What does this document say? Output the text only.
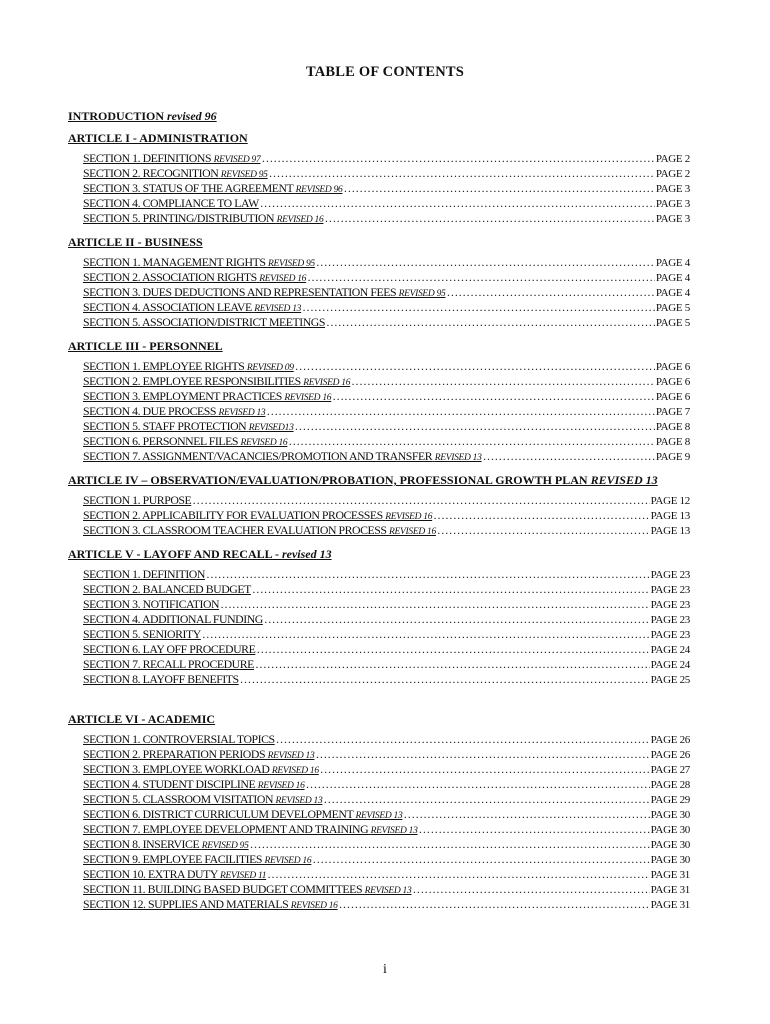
TABLE OF CONTENTS
INTRODUCTION revised 96
ARTICLE I - ADMINISTRATION
SECTION 1. DEFINITIONS REVISED 97 ………………………………………………………………………………………………………………………………………………………………………………………………	PAGE 2
SECTION 2. RECOGNITION REVISED 95 ………………………………………………………………………………………………………………………………………………………………………………………………	PAGE 2
SECTION 3. STATUS OF THE AGREEMENT REVISED 96 ………………………………………………………………………………………………………………………………………………………………………………………………	PAGE 3
SECTION 4. COMPLIANCE TO LAW ………………………………………………………………………………………………………………………………………………………………………………………………	PAGE 3
SECTION 5. PRINTING/DISTRIBUTION REVISED 16 ………………………………………………………………………………………………………………………………………………………………………………………………	PAGE 3
ARTICLE II - BUSINESS
SECTION 1. MANAGEMENT RIGHTS REVISED 95 ………………………………………………………………………………………………………………………………………………………………………………………………	PAGE 4
SECTION 2. ASSOCIATION RIGHTS REVISED 16 ………………………………………………………………………………………………………………………………………………………………………………………………	PAGE 4
SECTION 3. DUES DEDUCTIONS AND REPRESENTATION FEES REVISED 95 ………………………………………………………………………………………………………………………………………………………………………………………………	PAGE 4
SECTION 4. ASSOCIATION LEAVE REVISED 13 ………………………………………………………………………………………………………………………………………………………………………………………………	PAGE 5
SECTION 5. ASSOCIATION/DISTRICT MEETINGS ………………………………………………………………………………………………………………………………………………………………………………………………	PAGE 5
ARTICLE III - PERSONNEL
SECTION 1. EMPLOYEE RIGHTS REVISED 09 ………………………………………………………………………………………………………………………………………………………………………………………………	PAGE 6
SECTION 2. EMPLOYEE RESPONSIBILITIES REVISED 16 ………………………………………………………………………………………………………………………………………………………………………………………………	PAGE 6
SECTION 3. EMPLOYMENT PRACTICES REVISED 16 ………………………………………………………………………………………………………………………………………………………………………………………………	PAGE 6
SECTION 4. DUE PROCESS REVISED 13 ………………………………………………………………………………………………………………………………………………………………………………………………	PAGE 7
SECTION 5. STAFF PROTECTION REVISED13 ………………………………………………………………………………………………………………………………………………………………………………………………	PAGE 8
SECTION 6. PERSONNEL FILES REVISED 16 ………………………………………………………………………………………………………………………………………………………………………………………………	PAGE 8
SECTION 7. ASSIGNMENT/VACANCIES/PROMOTION AND TRANSFER REVISED 13 ………………………………………………………………………………………………………………………………………………………………………………………………	PAGE 9
ARTICLE IV – OBSERVATION/EVALUATION/PROBATION, PROFESSIONAL GROWTH PLAN REVISED 13
SECTION 1. PURPOSE ………………………………………………………………………………………………………………………………………………………………………………………………	PAGE 12
SECTION 2. APPLICABILITY FOR EVALUATION PROCESSES REVISED 16 ………………………………………………………………………………………………………………………………………………………………………………………………	PAGE 13
SECTION 3. CLASSROOM TEACHER EVALUATION PROCESS REVISED 16 ………………………………………………………………………………………………………………………………………………………………………………………………	PAGE 13
ARTICLE V - LAYOFF AND RECALL - revised 13
SECTION 1. DEFINITION ………………………………………………………………………………………………………………………………………………………………………………………………	PAGE 23
SECTION 2. BALANCED BUDGET ………………………………………………………………………………………………………………………………………………………………………………………………	PAGE 23
SECTION 3. NOTIFICATION ………………………………………………………………………………………………………………………………………………………………………………………………	PAGE 23
SECTION 4. ADDITIONAL FUNDING ………………………………………………………………………………………………………………………………………………………………………………………………	PAGE 23
SECTION 5. SENIORITY ………………………………………………………………………………………………………………………………………………………………………………………………	PAGE 23
SECTION 6. LAY OFF PROCEDURE ………………………………………………………………………………………………………………………………………………………………………………………………	PAGE 24
SECTION 7. RECALL PROCEDURE ………………………………………………………………………………………………………………………………………………………………………………………………	PAGE 24
SECTION 8. LAYOFF BENEFITS ………………………………………………………………………………………………………………………………………………………………………………………………	PAGE 25
ARTICLE VI - ACADEMIC
SECTION 1. CONTROVERSIAL TOPICS ………………………………………………………………………………………………………………………………………………………………………………………………	PAGE 26
SECTION 2. PREPARATION PERIODS REVISED 13 ………………………………………………………………………………………………………………………………………………………………………………………………	PAGE 26
SECTION 3. EMPLOYEE WORKLOAD REVISED 16 ………………………………………………………………………………………………………………………………………………………………………………………………	PAGE 27
SECTION 4. STUDENT DISCIPLINE REVISED 16 ………………………………………………………………………………………………………………………………………………………………………………………………	PAGE 28
SECTION 5. CLASSROOM VISITATION REVISED 13 ………………………………………………………………………………………………………………………………………………………………………………………………	PAGE 29
SECTION 6. DISTRICT CURRICULUM DEVELOPMENT REVISED 13 ………………………………………………………………………………………………………………………………………………………………………………………………	PAGE 30
SECTION 7. EMPLOYEE DEVELOPMENT AND TRAINING REVISED 13 ………………………………………………………………………………………………………………………………………………………………………………………………	PAGE 30
SECTION 8. INSERVICE REVISED 95 ………………………………………………………………………………………………………………………………………………………………………………………………	PAGE 30
SECTION 9. EMPLOYEE FACILITIES REVISED 16 ………………………………………………………………………………………………………………………………………………………………………………………………	PAGE 30
SECTION 10. EXTRA DUTY REVISED 11 ………………………………………………………………………………………………………………………………………………………………………………………………	PAGE 31
SECTION 11. BUILDING BASED BUDGET COMMITTEES REVISED 13 ………………………………………………………………………………………………………………………………………………………………………………………………	PAGE 31
SECTION 12. SUPPLIES AND MATERIALS REVISED 16 ………………………………………………………………………………………………………………………………………………………………………………………………	PAGE 31
i
